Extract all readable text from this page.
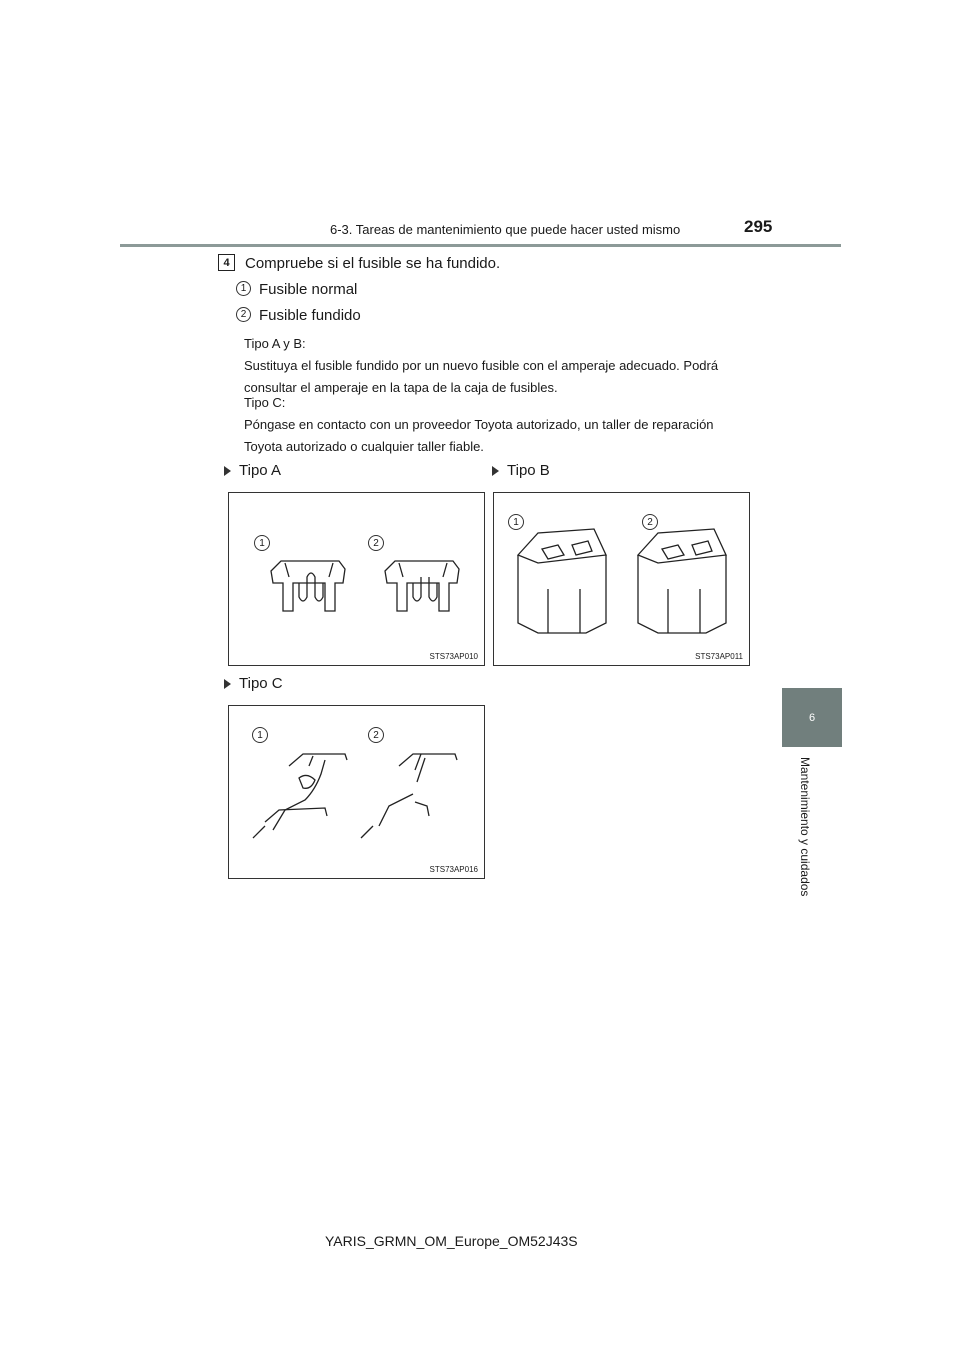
6-3. Tareas de mantenimiento que puede hacer usted mismo	295
6
Mantenimiento y cuidados
4	Compruebe si el fusible se ha fundido.
1 Fusible normal
2 Fusible fundido
Tipo A y B:
Sustituya el fusible fundido por un nuevo fusible con el amperaje adecuado. Podrá consultar el amperaje en la tapa de la caja de fusibles.
Tipo C:
Póngase en contacto con un proveedor Toyota autorizado, un taller de reparación Toyota autorizado o cualquier taller fiable.
Tipo A	Tipo B
Tipo C
1	2
STS73AP010
1	2
STS73AP011
1	2
STS73AP016
YARIS_GRMN_OM_Europe_OM52J43S
